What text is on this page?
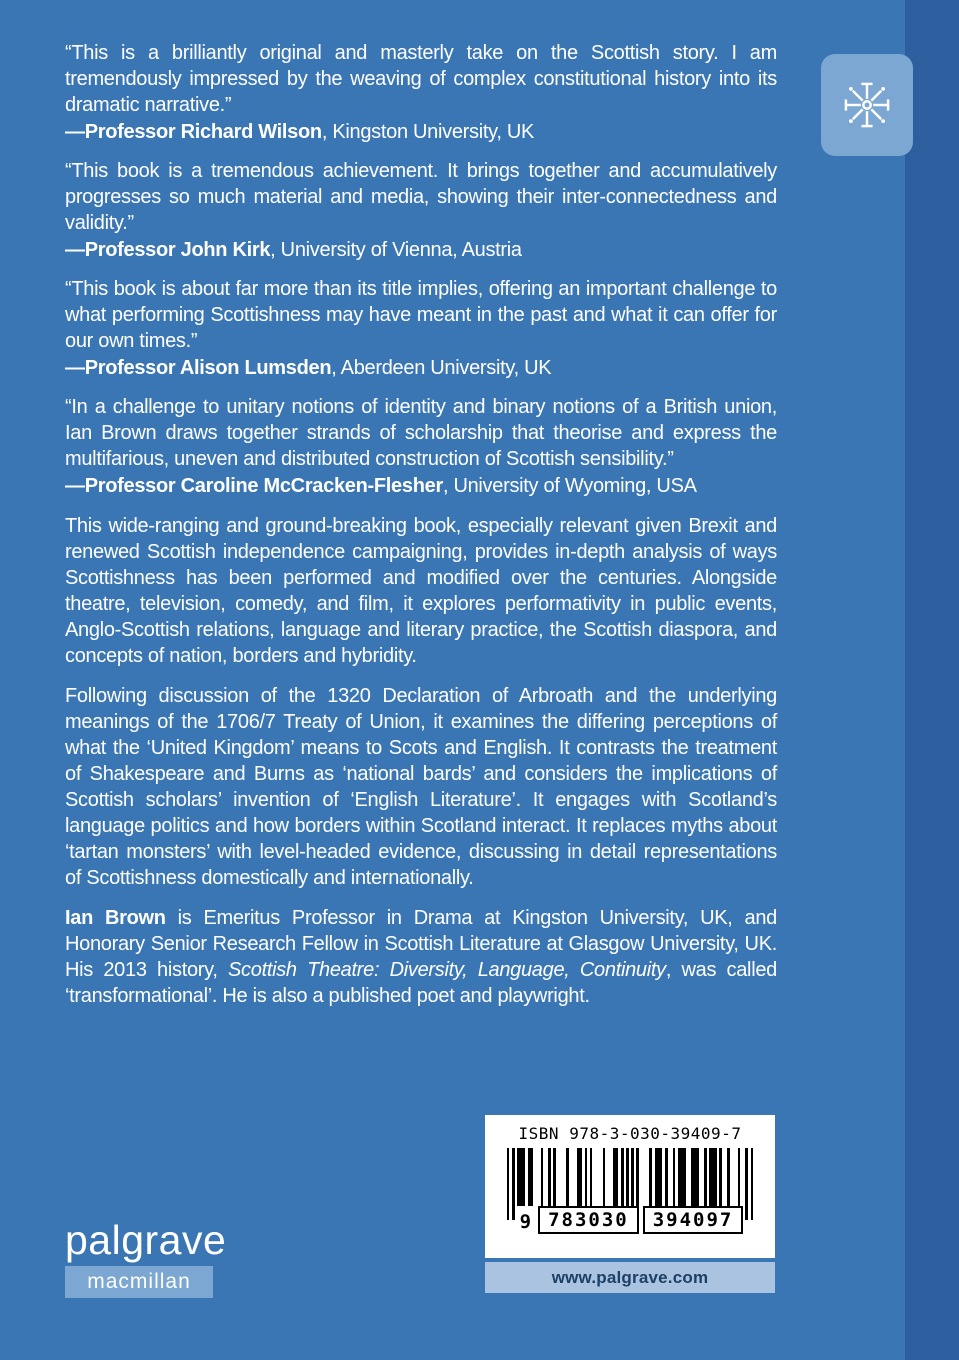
“This is a brilliantly original and masterly take on the Scottish story. I am tremendously impressed by the weaving of complex constitutional history into its dramatic narrative.”
—Professor Richard Wilson, Kingston University, UK
“This book is a tremendous achievement. It brings together and accumulatively progresses so much material and media, showing their inter-connectedness and validity.”
—Professor John Kirk, University of Vienna, Austria
“This book is about far more than its title implies, offering an important challenge to what performing Scottishness may have meant in the past and what it can offer for our own times.”
—Professor Alison Lumsden, Aberdeen University, UK
“In a challenge to unitary notions of identity and binary notions of a British union, Ian Brown draws together strands of scholarship that theorise and express the multifarious, uneven and distributed construction of Scottish sensibility.”
—Professor Caroline McCracken-Flesher, University of Wyoming, USA
This wide-ranging and ground-breaking book, especially relevant given Brexit and renewed Scottish independence campaigning, provides in-depth analysis of ways Scottishness has been performed and modified over the centuries. Alongside theatre, television, comedy, and film, it explores performativity in public events, Anglo-Scottish relations, language and literary practice, the Scottish diaspora, and concepts of nation, borders and hybridity.
Following discussion of the 1320 Declaration of Arbroath and the underlying meanings of the 1706/7 Treaty of Union, it examines the differing perceptions of what the ‘United Kingdom’ means to Scots and English. It contrasts the treatment of Shakespeare and Burns as ‘national bards’ and considers the implications of Scottish scholars’ invention of ‘English Literature’. It engages with Scotland’s language politics and how borders within Scotland interact. It replaces myths about ‘tartan monsters’ with level-headed evidence, discussing in detail representations of Scottishness domestically and internationally.
Ian Brown is Emeritus Professor in Drama at Kingston University, UK, and Honorary Senior Research Fellow in Scottish Literature at Glasgow University, UK. His 2013 history, Scottish Theatre: Diversity, Language, Continuity, was called ‘transformational’. He is also a published poet and playwright.
ISBN 978-3-030-39409-7
9 783030	394097
www.palgrave.com
palgrave
macmillan
